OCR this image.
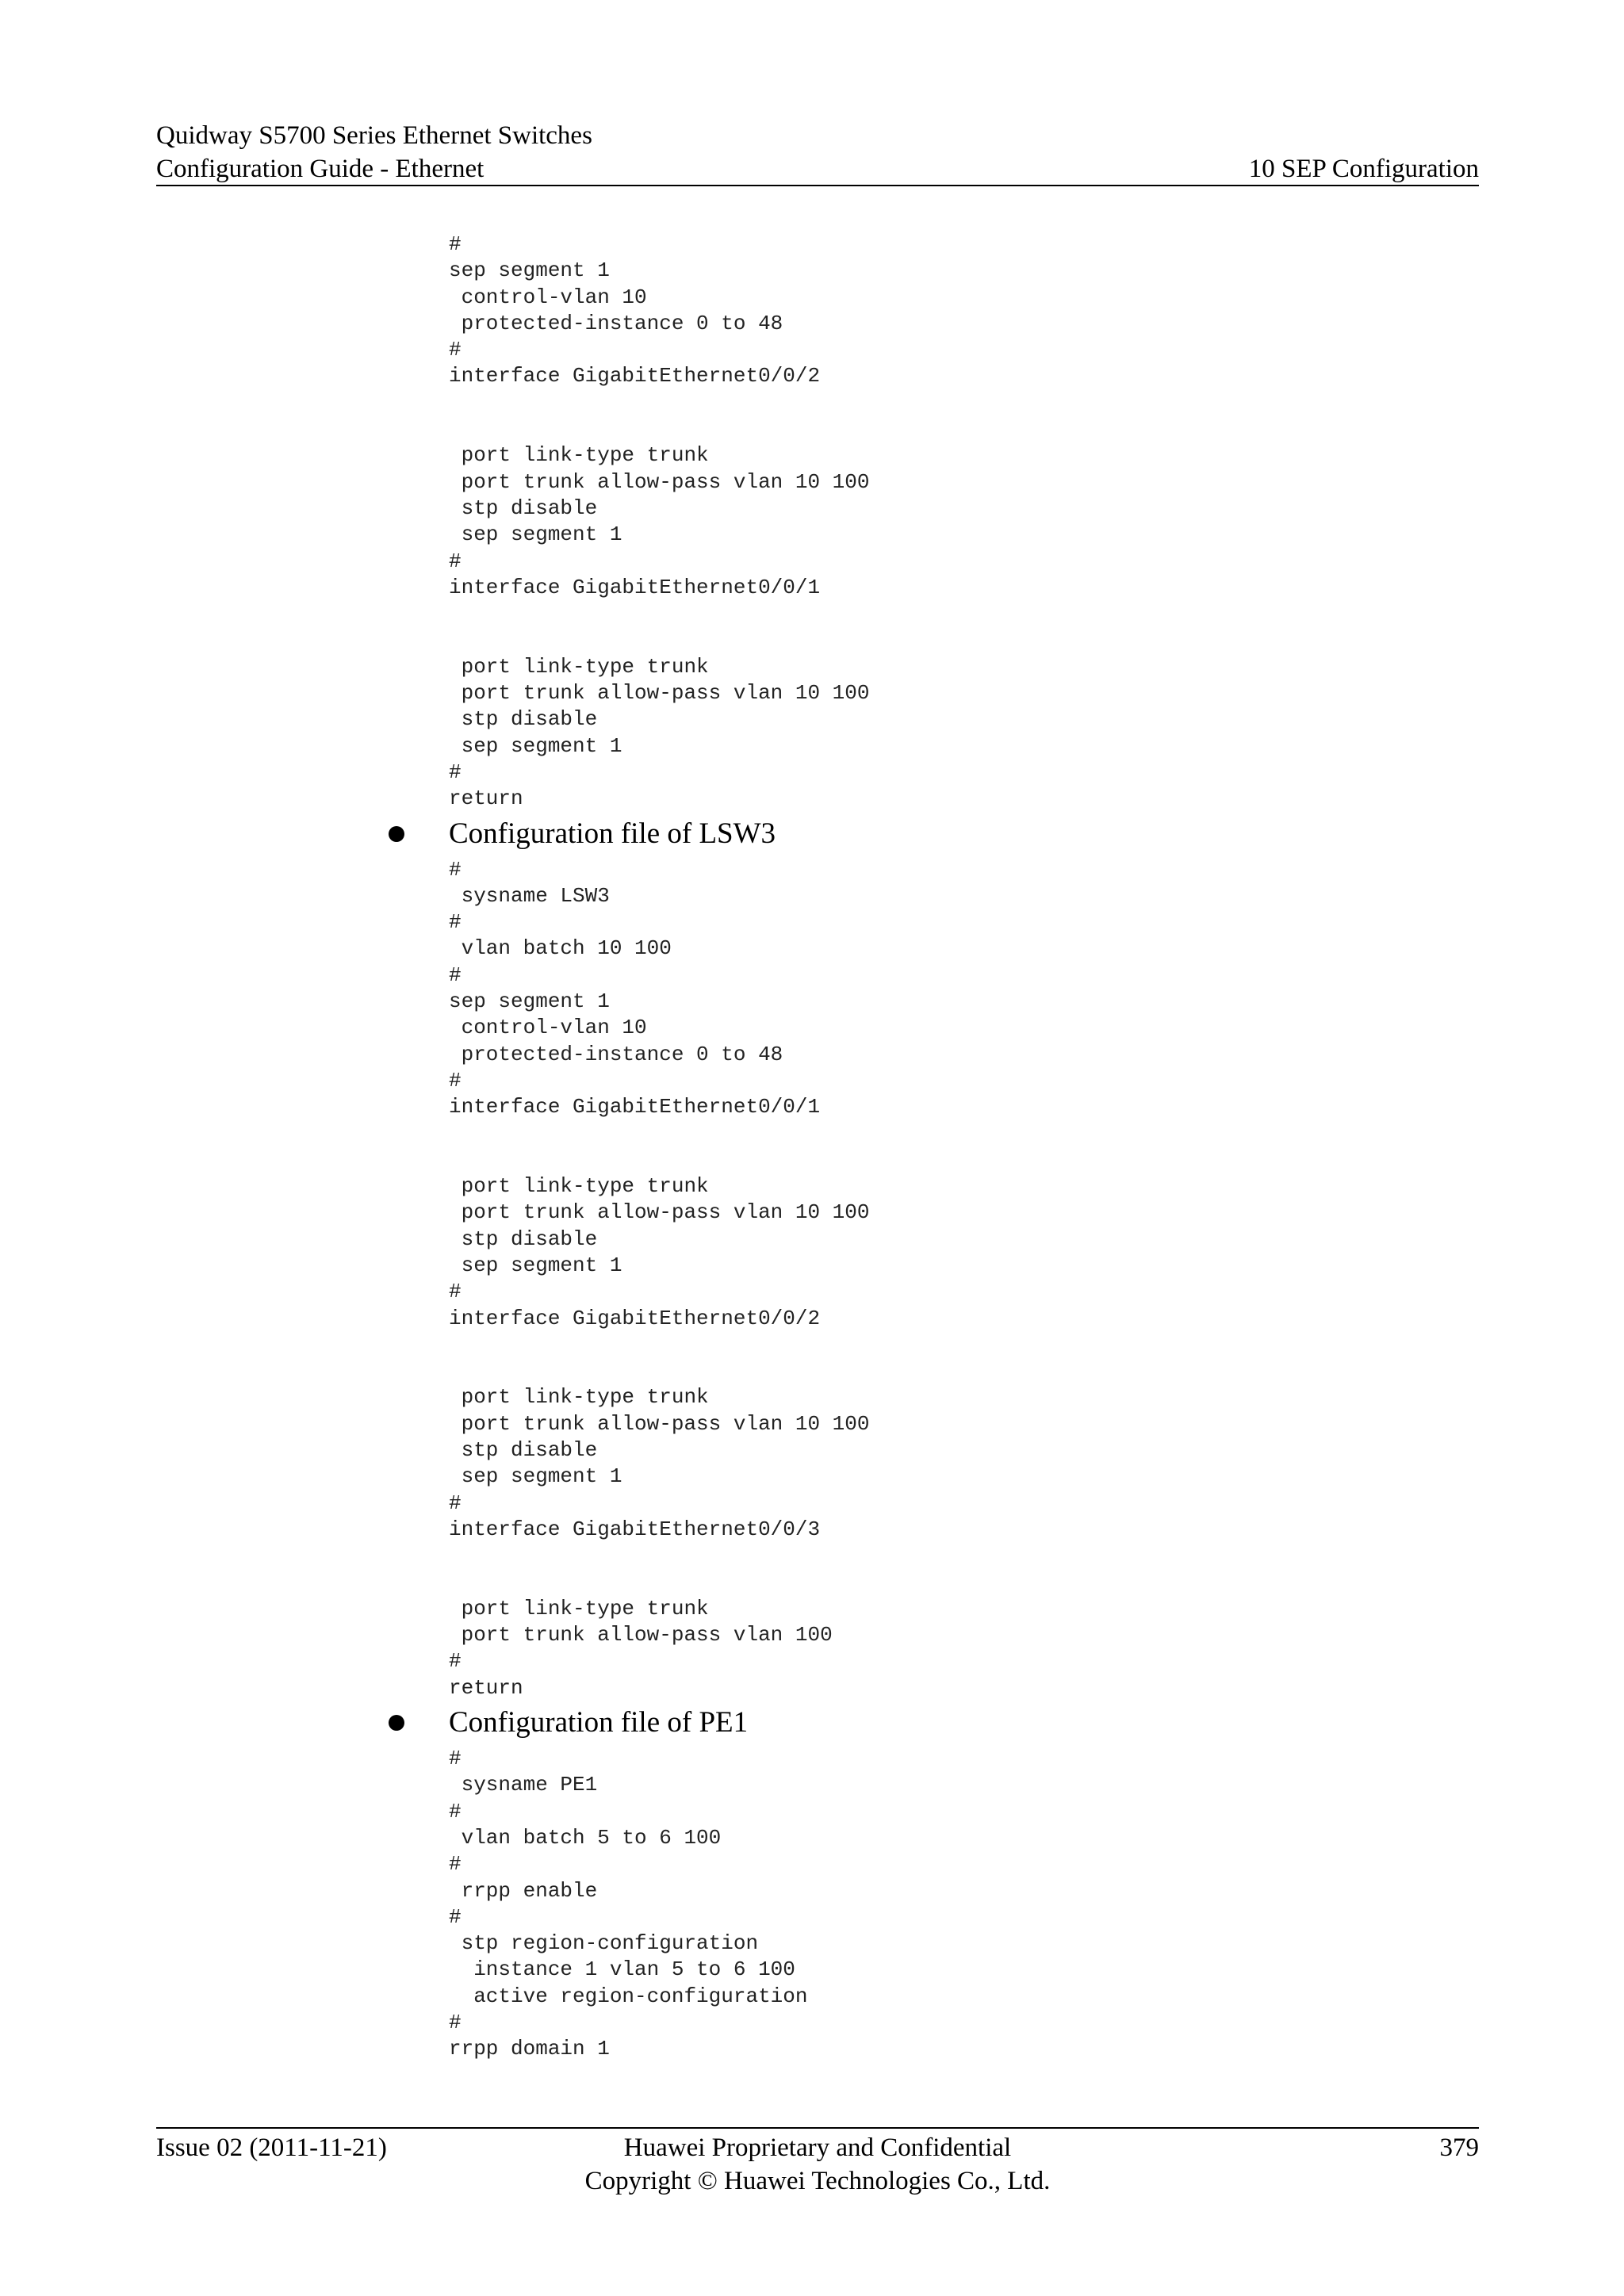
Quidway S5700 Series Ethernet Switches
Configuration Guide - Ethernet	10 SEP Configuration
#
sep segment 1
control-vlan 10
protected-instance 0 to 48
#
interface GigabitEthernet0/0/2

port link-type trunk
port trunk allow-pass vlan 10 100
stp disable
sep segment 1
#
interface GigabitEthernet0/0/1

port link-type trunk
port trunk allow-pass vlan 10 100
stp disable
sep segment 1
#
return
Configuration file of LSW3
#
sysname LSW3
#
vlan batch 10 100
#
sep segment 1
control-vlan 10
protected-instance 0 to 48
#
interface GigabitEthernet0/0/1

port link-type trunk
port trunk allow-pass vlan 10 100
stp disable
sep segment 1
#
interface GigabitEthernet0/0/2

port link-type trunk
port trunk allow-pass vlan 10 100
stp disable
sep segment 1
#
interface GigabitEthernet0/0/3

port link-type trunk
port trunk allow-pass vlan 100
#
return
Configuration file of PE1
#
sysname PE1
#
vlan batch 5 to 6 100
#
rrpp enable
#
stp region-configuration
instance 1 vlan 5 to 6 100
active region-configuration
#
rrpp domain 1
Issue 02 (2011-11-21)	Huawei Proprietary and Confidential
Copyright © Huawei Technologies Co., Ltd.
379
